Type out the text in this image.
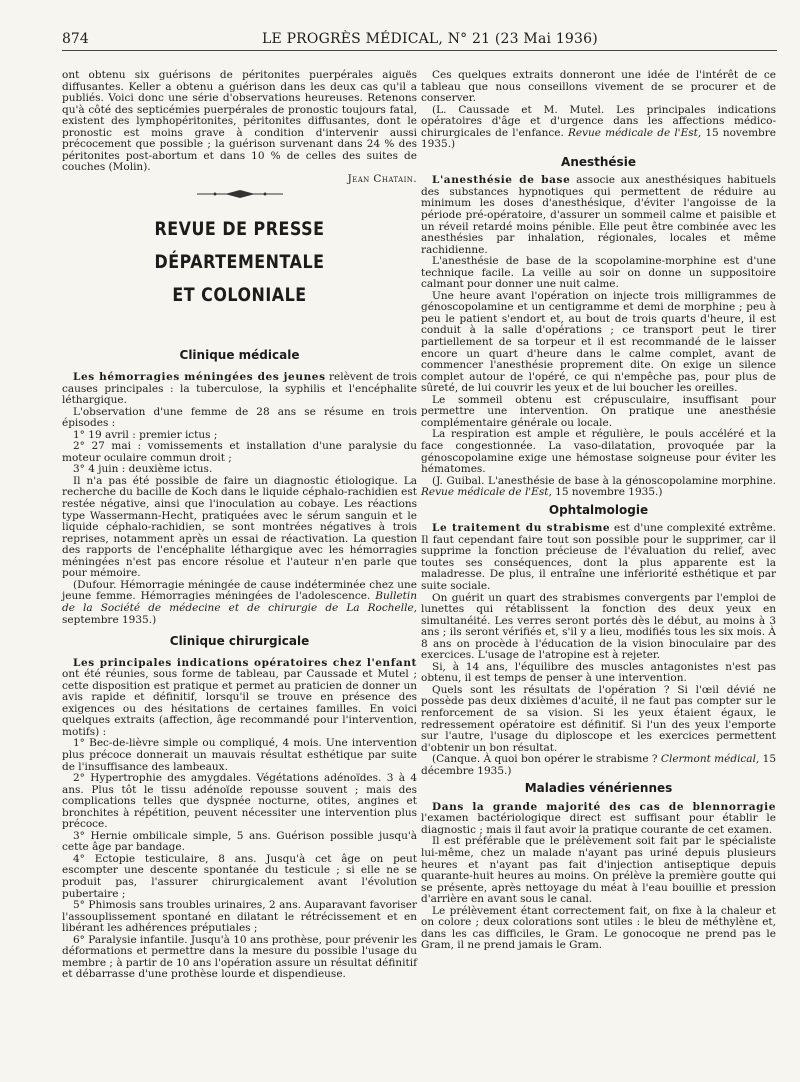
874	LE PROGRÈS MÉDICAL, N° 21 (23 Mai 1936)

ont obtenu six guérisons de péritonites puerpérales aiguës diffusantes. Keller a obtenu a guérison dans les deux cas qu'il a publiés. Voici donc une série d'observations heureuses. Retenons qu'à côté des septicémies puerpérales de pronostic toujours fatal, existent des lymphopéritonites, péritonites diffusantes, dont le pronostic est moins grave à condition d'intervenir aussi précocement que possible ; la guérison survenant dans 24 % des péritonites post-abortum et dans 10 % de celles des suites de couches (Molin).

Jean Chatain.

REVUE DE PRESSE DÉPARTEMENTALE
ET COLONIALE
Clinique médicale

Les hémorragies méningées des jeunes relèvent de trois causes principales : la tuberculose, la syphilis et l'encéphalite léthargique.

L'observation d'une femme de 28 ans se résume en trois épisodes :

1° 19 avril : premier ictus ;

2° 27 mai : vomissements et installation d'une paralysie du moteur oculaire commun droit ;

3° 4 juin : deuxième ictus.

Il n'a pas été possible de faire un diagnostic étiologique. La recherche du bacille de Koch dans le liquide céphalo-rachidien est restée négative, ainsi que l'inoculation au cobaye. Les réactions type Wassermann-Hecht, pratiquées avec le sérum sanguin et le liquide céphalo-rachidien, se sont montrées négatives à trois reprises, notamment après un essai de réactivation. La question des rapports de l'encéphalite léthargique avec les hémorragies méningées n'est pas encore résolue et l'auteur n'en parle que pour mémoire.

(Dufour. Hémorragie méningée de cause indéterminée chez une jeune femme. Hémorragies méningées de l'adolescence. Bulletin de la Société de médecine et de chirurgie de La Rochelle, septembre 1935.)

Clinique chirurgicale

Les principales indications opératoires chez l'enfant ont été réunies, sous forme de tableau, par Caussade et Mutel ; cette disposition est pratique et permet au praticien de donner un avis rapide et définitif, lorsqu'il se trouve en présence des exigences ou des hésitations de certaines familles. En voici quelques extraits (affection, âge recommandé pour l'intervention, motifs) :

1° Bec-de-lièvre simple ou compliqué, 4 mois. Une intervention plus précoce donnerait un mauvais résultat esthétique par suite de l'insuffisance des lambeaux.

2° Hypertrophie des amygdales. Végétations adénoïdes. 3 à 4 ans. Plus tôt le tissu adénoïde repousse souvent ; mais des complications telles que dyspnée nocturne, otites, angines et bronchites à répétition, peuvent nécessiter une intervention plus précoce.

3° Hernie ombilicale simple, 5 ans. Guérison possible jusqu'à cette âge par bandage.

4° Ectopie testiculaire, 8 ans. Jusqu'à cet âge on peut escompter une descente spontanée du testicule ; si elle ne se produit pas, l'assurer chirurgicalement avant l'évolution pubertaire ;

5° Phimosis sans troubles urinaires, 2 ans. Auparavant favoriser l'assouplissement spontané en dilatant le rétrécissement et en libérant les adhérences préputiales ;

6° Paralysie infantile. Jusqu'à 10 ans prothèse, pour prévenir les déformations et permettre dans la mesure du possible l'usage du membre ; à partir de 10 ans l'opération assure un résultat définitif et débarrasse d'une prothèse lourde et dispendieuse.

Ces quelques extraits donneront une idée de l'intérêt de ce tableau que nous conseillons vivement de se procurer et de conserver.

(L. Caussade et M. Mutel. Les principales indications opératoires d'âge et d'urgence dans les affections médico-chirurgicales de l'enfance. Revue médicale de l'Est, 15 novembre 1935.)

Anesthésie

L'anesthésie de base associe aux anesthésiques habituels des substances hypnotiques qui permettent de réduire au minimum les doses d'anesthésique, d'éviter l'angoisse de la période pré-opératoire, d'assurer un sommeil calme et paisible et un réveil retardé moins pénible. Elle peut être combinée avec les anesthésies par inhalation, régionales, locales et même rachidienne.

L'anesthésie de base de la scopolamine-morphine est d'une technique facile. La veille au soir on donne un suppositoire calmant pour donner une nuit calme.

Une heure avant l'opération on injecte trois milligrammes de génoscopolamine et un centigramme et demi de morphine ; peu à peu le patient s'endort et, au bout de trois quarts d'heure, il est conduit à la salle d'opérations ; ce transport peut le tirer partiellement de sa torpeur et il est recommandé de le laisser encore un quart d'heure dans le calme complet, avant de commencer l'anesthésie proprement dite. On exige un silence complet autour de l'opéré, ce qui n'empêche pas, pour plus de sûreté, de lui couvrir les yeux et de lui boucher les oreilles.

Le sommeil obtenu est crépusculaire, insuffisant pour permettre une intervention. On pratique une anesthésie complémentaire générale ou locale.

La respiration est ample et régulière, le pouls accéléré et la face congestionnée. La vaso-dilatation, provoquée par la génoscopolamine exige une hémostase soigneuse pour éviter les hématomes.

(J. Guibal. L'anesthésie de base à la génoscopolamine morphine. Revue médicale de l'Est, 15 novembre 1935.)

Ophtalmologie

Le traitement du strabisme est d'une complexité extrême. Il faut cependant faire tout son possible pour le supprimer, car il supprime la fonction précieuse de l'évaluation du relief, avec toutes ses conséquences, dont la plus apparente est la maladresse. De plus, il entraîne une infériorité esthétique et par suite sociale.

On guérit un quart des strabismes convergents par l'emploi de lunettes qui rétablissent la fonction des deux yeux en simultanéité. Les verres seront portés dès le début, au moins à 3 ans ; ils seront vérifiés et, s'il y a lieu, modifiés tous les six mois. À 8 ans on procède à l'éducation de la vision binoculaire par des exercices. L'usage de l'atropine est à rejeter.

Si, à 14 ans, l'équilibre des muscles antagonistes n'est pas obtenu, il est temps de penser à une intervention.

Quels sont les résultats de l'opération ? Si l'œil dévié ne possède pas deux dixièmes d'acuité, il ne faut pas compter sur le renforcement de sa vision. Si les yeux étaient égaux, le redressement opératoire est définitif. Si l'un des yeux l'emporte sur l'autre, l'usage du diploscope et les exercices permettent d'obtenir un bon résultat.

(Canque. À quoi bon opérer le strabisme ? Clermont médical, 15 décembre 1935.)

Maladies vénériennes

Dans la grande majorité des cas de blennorragie l'examen bactériologique direct est suffisant pour établir le diagnostic ; mais il faut avoir la pratique courante de cet examen.

Il est préférable que le prélèvement soit fait par le spécialiste lui-même, chez un malade n'ayant pas uriné depuis plusieurs heures et n'ayant pas fait d'injection antiseptique depuis quarante-huit heures au moins. On prélève la première goutte qui se présente, après nettoyage du méat à l'eau bouillie et pression d'arrière en avant sous le canal.

Le prélèvement étant correctement fait, on fixe à la chaleur et on colore ; deux colorations sont utiles : le bleu de méthylène et, dans les cas difficiles, le Gram. Le gonocoque ne prend pas le Gram, il ne prend jamais le Gram.
